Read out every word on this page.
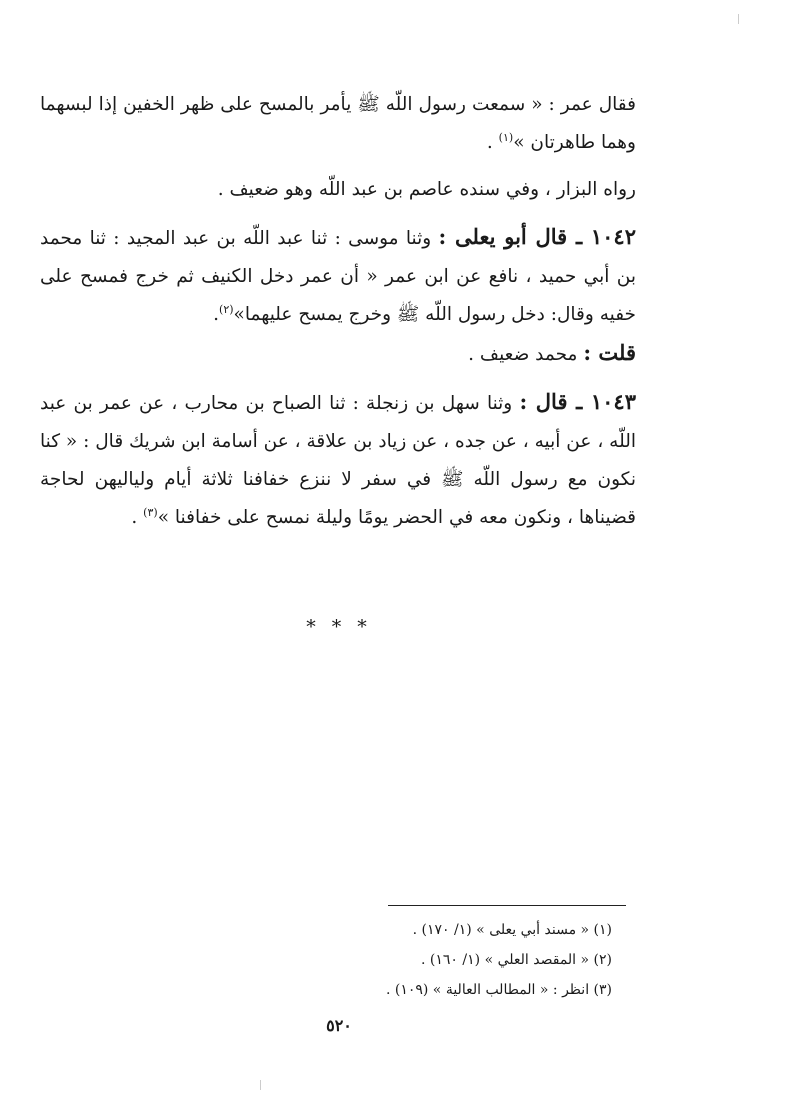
فقال عمر : « سمعت رسول اللّه ﷺ يأمر بالمسح على ظهر الخفين إذا لبسهما وهما طاهرتان »$^{(١)}$ .

رواه البزار ، وفي سنده عاصم بن عبد اللّه وهو ضعيف .

١٠٤٢ ـ قال أبو يعلى : وثنا موسى : ثنا عبد اللّه بن عبد المجيد : ثنا محمد بن أبي حميد ، نافع عن ابن عمر « أن عمر دخل الكنيف ثم خرج فمسح على خفيه وقال: دخل رسول اللّه ﷺ وخرج يمسح عليهما»$^{(٢)}$.

قلت : محمد ضعيف .

١٠٤٣ ـ قال : وثنا سهل بن زنجلة : ثنا الصباح بن محارب ، عن عمر بن عبد اللّه ، عن أبيه ، عن جده ، عن زياد بن علاقة ، عن أسامة ابن شريك قال : « كنا نكون مع رسول اللّه ﷺ في سفر لا ننزع خفافنا ثلاثة أيام ولياليهن لحاجة قضيناها ، ونكون معه في الحضر يومًا وليلة نمسح على خفافنا »$^{(٣)}$ .

* * *
(١) « مسند أبي يعلى » (١/ ١٧٠) .
(٢) « المقصد العلي » (١/ ١٦٠) .
(٣) انظر : « المطالب العالية » (١٠٩) .
٥٢٠
